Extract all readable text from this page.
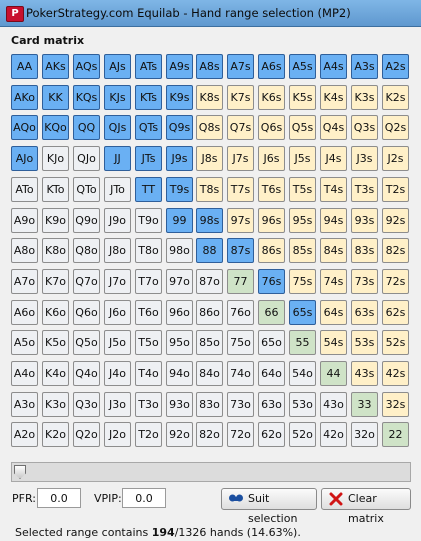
P PokerStrategy.com Equilab - Hand range selection (MP2)
Card matrix
AA	AKs AQs	AJs	ATs	A9s A8s A7s A6s A5s A4s A3s A2s
AKo	KK	KQs	KJs	KTs	K9s K8s	K7s	K6s	K5s	K4s	K3s	K2s
AQo KQo	QQ	QJs	QTs Q9s Q8s Q7s Q6s Q5s Q4s Q3s Q2s
AJo	KJo	QJo	JJ	JTs	J9s	J8s	J7s	J6s	J5s	J4s	J3s	J2s
ATo	KTo	QTo	JTo	TT	T9s T8s	T7s	T6s	T5s	T4s	T3s	T2s
A9o K9o Q9o	J9o	T9o	99	98s	97s	96s	95s	94s	93s	92s
A8o K8o Q8o	J8o	T8o 98o	88	87s	86s	85s	84s	83s	82s
A7o K7o Q7o	J7o	T7o 97o 87o	77	76s	75s	74s	73s	72s
A6o K6o Q6o	J6o	T6o 96o 86o 76o	66	65s	64s	63s	62s
A5o K5o Q5o	J5o	T5o 95o 85o 75o 65o	55	54s	53s	52s
A4o K4o Q4o	J4o	T4o 94o 84o 74o 64o 54o	44	43s	42s
A3o K3o Q3o	J3o	T3o 93o 83o 73o 63o 53o 43o	33	32s
A2o K2o Q2o	J2o	T2o 92o 82o 72o 62o 52o 42o 32o	22
PFR:
0.0	VPIP:
0.0	Suit selection
Clear matrix
Selected range contains 194/1326 hands (14.63%).
